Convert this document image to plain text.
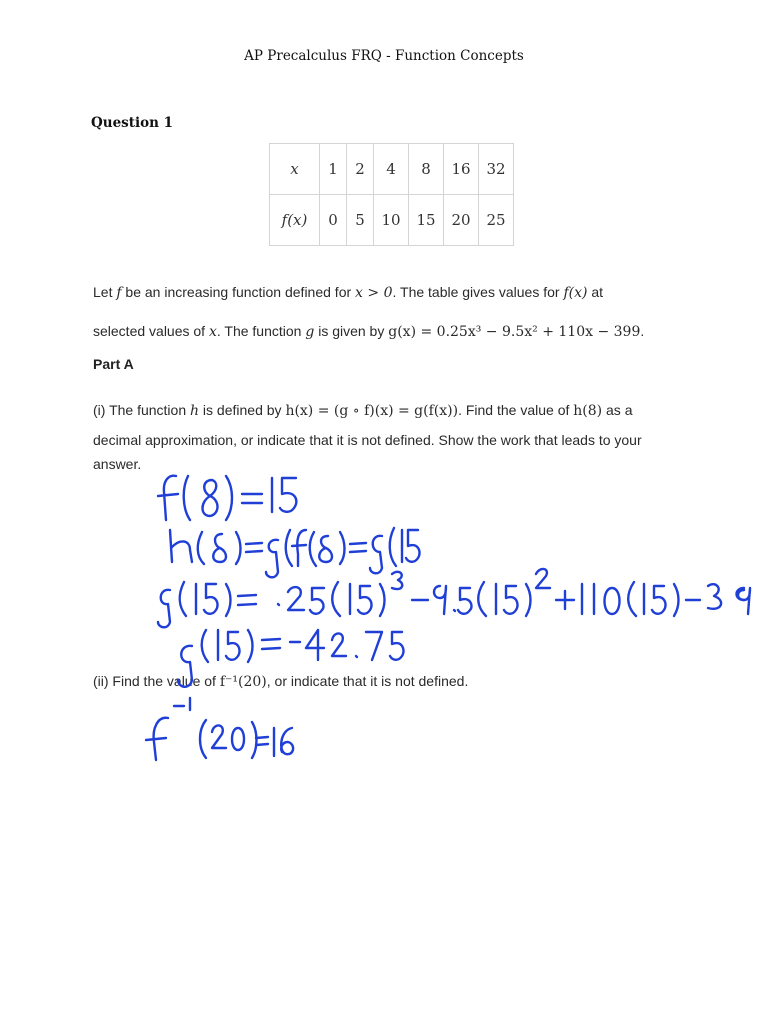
AP Precalculus FRQ - Function Concepts
Question 1
x	1	2	4	8	16	32
f(x)	0	5	10	15	20	25
Let f be an increasing function defined for x > 0. The table gives values for f(x) at
selected values of x. The function g is given by g(x) = 0.25x³ − 9.5x² + 110x − 399.
Part A
(i) The function h is defined by h(x) = (g ∘ f)(x) = g(f(x)). Find the value of h(8) as a
decimal approximation, or indicate that it is not defined. Show the work that leads to your
answer.
(ii) Find the value of f⁻¹(20), or indicate that it is not defined.
